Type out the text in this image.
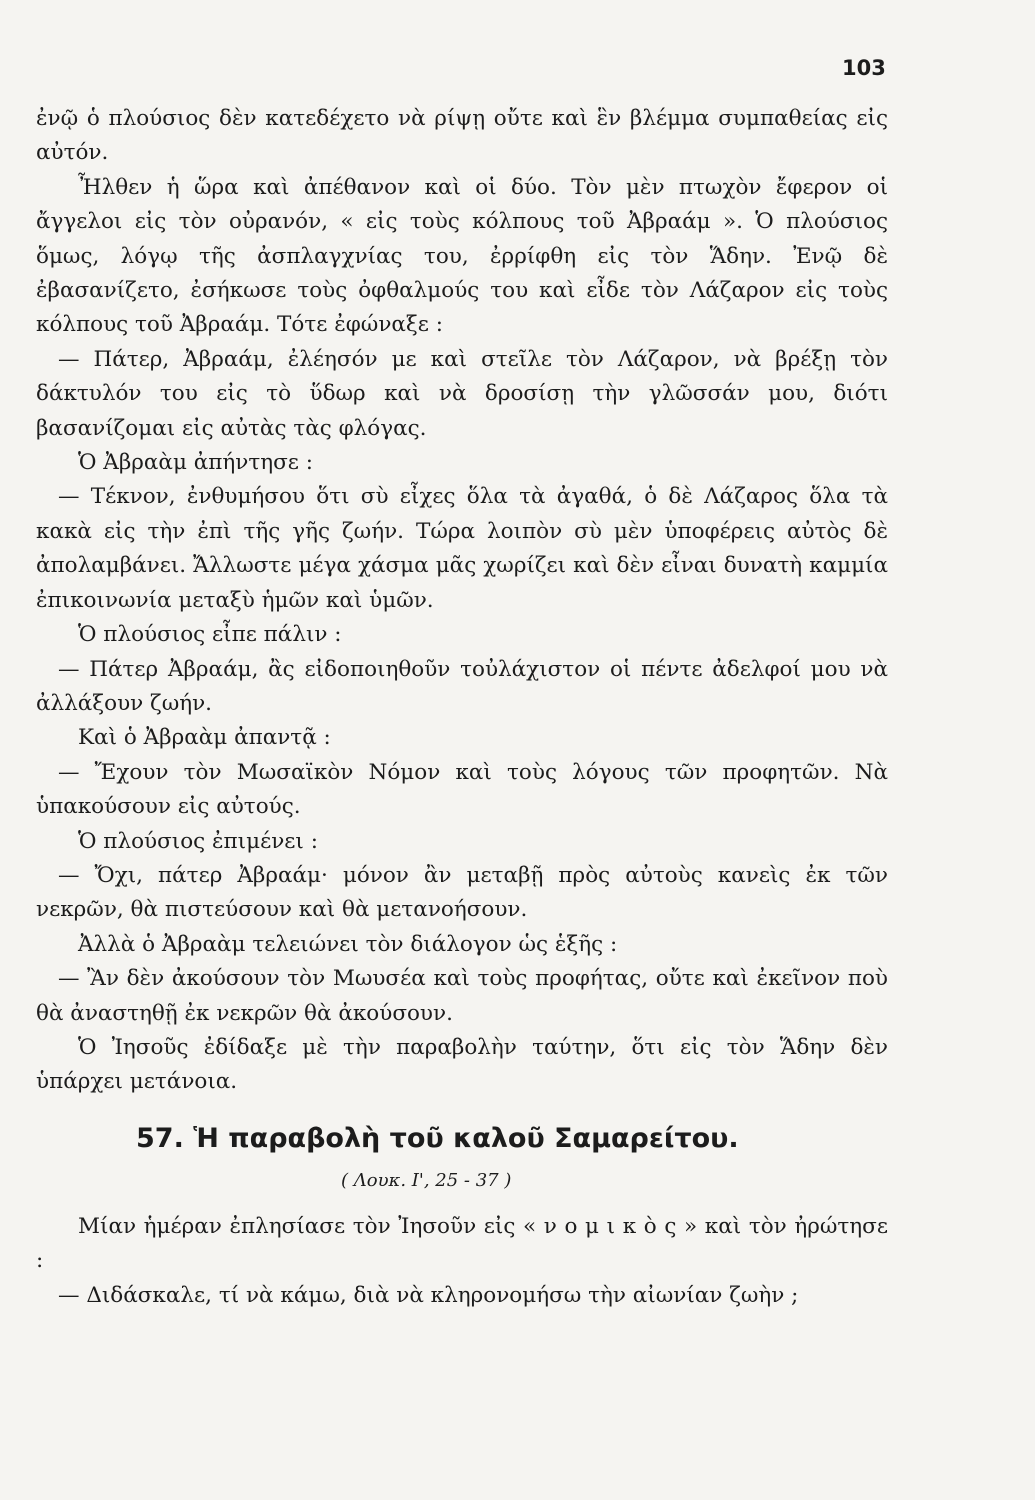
103

ἐνῷ ὁ πλούσιος δὲν κατεδέχετο νὰ ρίψῃ οὔτε καὶ ἓν βλέμμα συμπαθείας εἰς αὐτόν.

Ἦλθεν ἡ ὥρα καὶ ἀπέθανον καὶ οἱ δύο. Τὸν μὲν πτωχὸν ἔφερον οἱ ἄγγελοι εἰς τὸν οὐρανόν, « εἰς τοὺς κόλπους τοῦ Ἀβραάμ ». Ὁ πλούσιος ὅμως, λόγῳ τῆς ἀσπλαγχνίας του, ἐρρίφθη εἰς τὸν Ἅδην. Ἐνῷ δὲ ἐβασανίζετο, ἐσήκωσε τοὺς ὀφθαλμούς του καὶ εἶδε τὸν Λάζαρον εἰς τοὺς κόλπους τοῦ Ἀβραάμ. Τότε ἐφώναξε :

— Πάτερ, Ἀβραάμ, ἐλέησόν με καὶ στεῖλε τὸν Λάζαρον, νὰ βρέξῃ τὸν δάκτυλόν του εἰς τὸ ὕδωρ καὶ νὰ δροσίσῃ τὴν γλῶσσάν μου, διότι βασανίζομαι εἰς αὐτὰς τὰς φλόγας.

Ὁ Ἀβραὰμ ἀπήντησε :

— Τέκνον, ἐνθυμήσου ὅτι σὺ εἶχες ὅλα τὰ ἀγαθά, ὁ δὲ Λάζαρος ὅλα τὰ κακὰ εἰς τὴν ἐπὶ τῆς γῆς ζωήν. Τώρα λοιπὸν σὺ μὲν ὑποφέρεις αὐτὸς δὲ ἀπολαμβάνει. Ἄλλωστε μέγα χάσμα μᾶς χωρίζει καὶ δὲν εἶναι δυνατὴ καμμία ἐπικοινωνία μεταξὺ ἡμῶν καὶ ὑμῶν.

Ὁ πλούσιος εἶπε πάλιν :

— Πάτερ Ἀβραάμ, ἂς εἰδοποιηθοῦν τοὐλάχιστον οἱ πέντε ἀδελφοί μου νὰ ἀλλάξουν ζωήν.

Καὶ ὁ Ἀβραὰμ ἀπαντᾷ :

— Ἔχουν τὸν Μωσαϊκὸν Νόμον καὶ τοὺς λόγους τῶν προφητῶν. Νὰ ὑπακούσουν εἰς αὐτούς.

Ὁ πλούσιος ἐπιμένει :

— Ὄχι, πάτερ Ἀβραάμ· μόνον ἂν μεταβῇ πρὸς αὐτοὺς κανεὶς ἐκ τῶν νεκρῶν, θὰ πιστεύσουν καὶ θὰ μετανοήσουν.

Ἀλλὰ ὁ Ἀβραὰμ τελειώνει τὸν διάλογον ὡς ἑξῆς :

— Ἂν δὲν ἀκούσουν τὸν Μωυσέα καὶ τοὺς προφήτας, οὔτε καὶ ἐκεῖνον ποὺ θὰ ἀναστηθῇ ἐκ νεκρῶν θὰ ἀκούσουν.

Ὁ Ἰησοῦς ἐδίδαξε μὲ τὴν παραβολὴν ταύτην, ὅτι εἰς τὸν Ἅδην δὲν ὑπάρχει μετάνοια.

57. Ἡ παραβολὴ τοῦ καλοῦ Σαμαρείτου.

( Λουκ. Ι', 25 - 37 )

Μίαν ἡμέραν ἐπλησίασε τὸν Ἰησοῦν εἰς « ν ο μ ι κ ὸ ς » καὶ τὸν ἠρώτησε :

— Διδάσκαλε, τί νὰ κάμω, διὰ νὰ κληρονομήσω τὴν αἰωνίαν ζωὴν ;
